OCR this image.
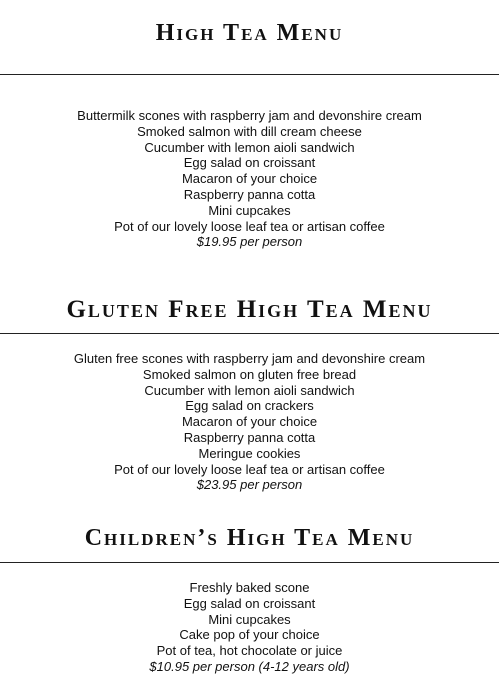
High Tea Menu
Buttermilk scones with raspberry jam and devonshire cream
Smoked salmon with dill cream cheese
Cucumber with lemon aioli sandwich
Egg salad on croissant
Macaron of your choice
Raspberry panna cotta
Mini cupcakes
Pot of our lovely loose leaf tea or artisan coffee
$19.95 per person
Gluten Free High Tea Menu
Gluten free scones with raspberry jam and devonshire cream
Smoked salmon on gluten free bread
Cucumber with lemon aioli sandwich
Egg salad on crackers
Macaron of your choice
Raspberry panna cotta
Meringue cookies
Pot of our lovely loose leaf tea or artisan coffee
$23.95 per person
Children’s High Tea Menu
Freshly baked scone
Egg salad on croissant
Mini cupcakes
Cake pop of your choice
Pot of tea, hot chocolate or juice
$10.95 per person (4-12 years old)
